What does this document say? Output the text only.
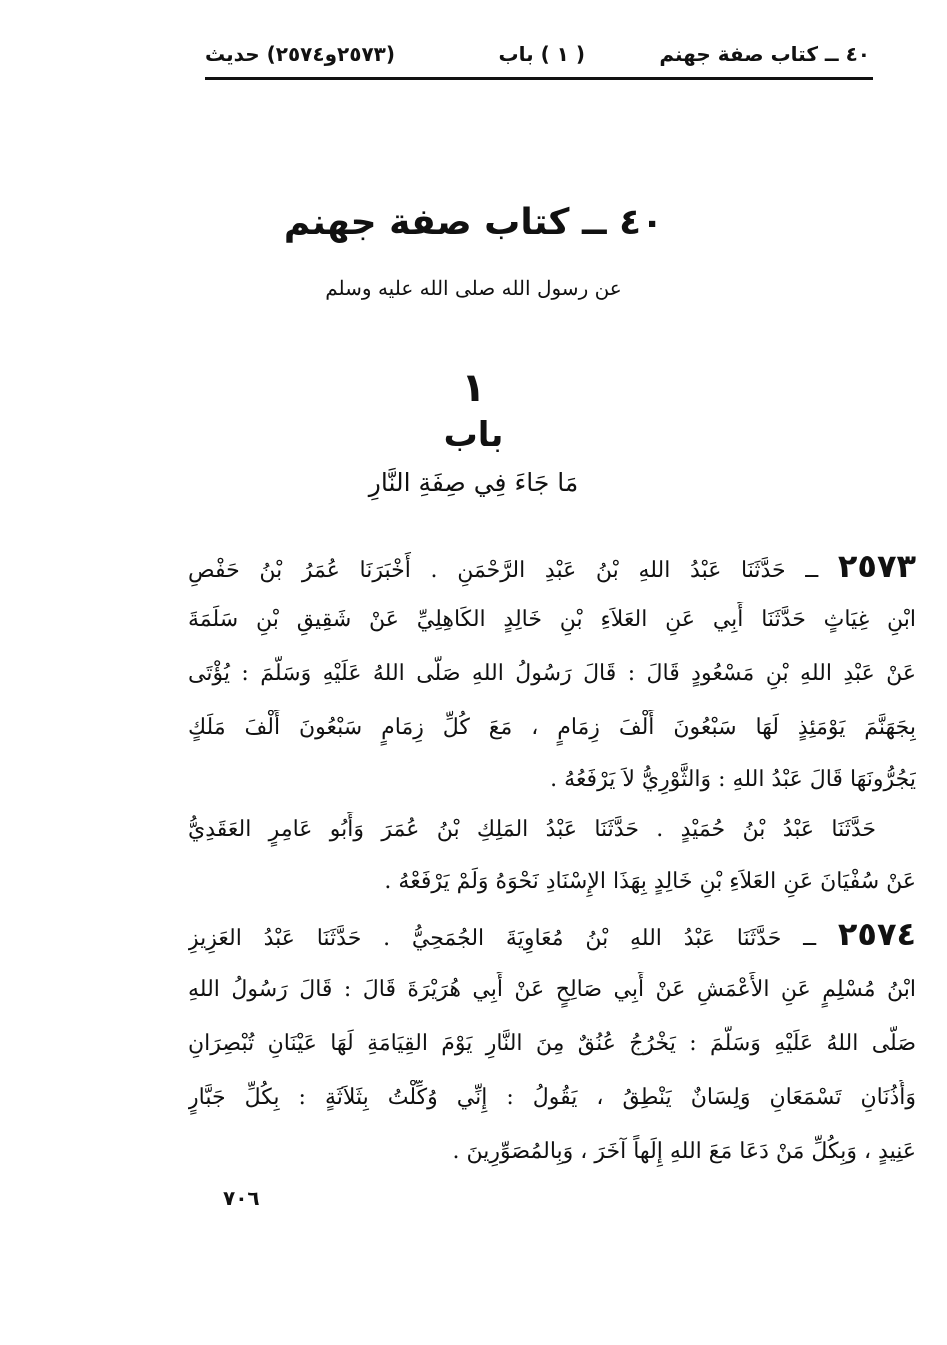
٤٠ ــ كتاب صفة جهنم
( ١ ) باب
(٢٥٧٣و٢٥٧٤) حديث
٤٠ ــ كتاب صفة جهنم
عن رسول الله صلى الله عليه وسلم
١
باب
مَا جَاءَ فِي صِفَةِ النَّارِ
٢٥٧٣ ــ حَدَّثَنَا عَبْدُ اللهِ بْنُ عَبْدِ الرَّحْمَنِ . أَخْبَرَنَا عُمَرُ بْنُ حَفْصِ
ابْنِ غِيَاثٍ حَدَّثَنَا أَبِي عَنِ العَلاَءِ بْنِ خَالِدٍ الكَاهِلِيِّ عَنْ شَقِيقِ بْنِ سَلَمَةَ
عَنْ عَبْدِ اللهِ بْنِ مَسْعُودٍ قَالَ : قَالَ رَسُولُ اللهِ صَلَّى اللهُ عَلَيْهِ وَسَلَّمَ : يُؤْتَى
بِجَهَنَّمَ يَوْمَئِذٍ لَهَا سَبْعُونَ أَلْفَ زِمَامٍ ، مَعَ كُلِّ زِمَامٍ سَبْعُونَ أَلْفَ مَلَكٍ
يَجُرُّونَهَا قَالَ عَبْدُ اللهِ : وَالثَّوْرِيُّ لاَ يَرْفَعُهُ .
حَدَّثَنَا عَبْدُ بْنُ حُمَيْدٍ . حَدَّثَنَا عَبْدُ المَلِكِ بْنُ عُمَرَ وَأَبُو عَامِرٍ العَقَدِيُّ
عَنْ سُفْيَانَ عَنِ العَلاَءِ بْنِ خَالِدٍ بِهَذَا الإِسْنَادِ نَحْوَهُ وَلَمْ يَرْفَعْهُ .
٢٥٧٤ ــ حَدَّثَنَا عَبْدُ اللهِ بْنُ مُعَاوِيَةَ الجُمَحِيُّ . حَدَّثَنَا عَبْدُ العَزِيزِ
ابْنُ مُسْلِمٍ عَنِ الأَعْمَشِ عَنْ أَبِي صَالِحٍ عَنْ أَبِي هُرَيْرَةَ قَالَ : قَالَ رَسُولُ اللهِ
صَلَّى اللهُ عَلَيْهِ وَسَلَّمَ : يَخْرُجُ عُنُقٌ مِنَ النَّارِ يَوْمَ القِيَامَةِ لَهَا عَيْنَانِ تُبْصِرَانِ
وَأُذُنَانِ تَسْمَعَانِ وَلِسَانٌ يَنْطِقُ ، يَقُولُ : إِنِّي وُكِّلْتُ بِثَلاَثَةٍ : بِكُلِّ جَبَّارٍ
عَنِيدٍ ، وَبِكُلِّ مَنْ دَعَا مَعَ اللهِ إِلَهاً آخَرَ ، وَبِالمُصَوِّرِينَ .
٧٠٦
